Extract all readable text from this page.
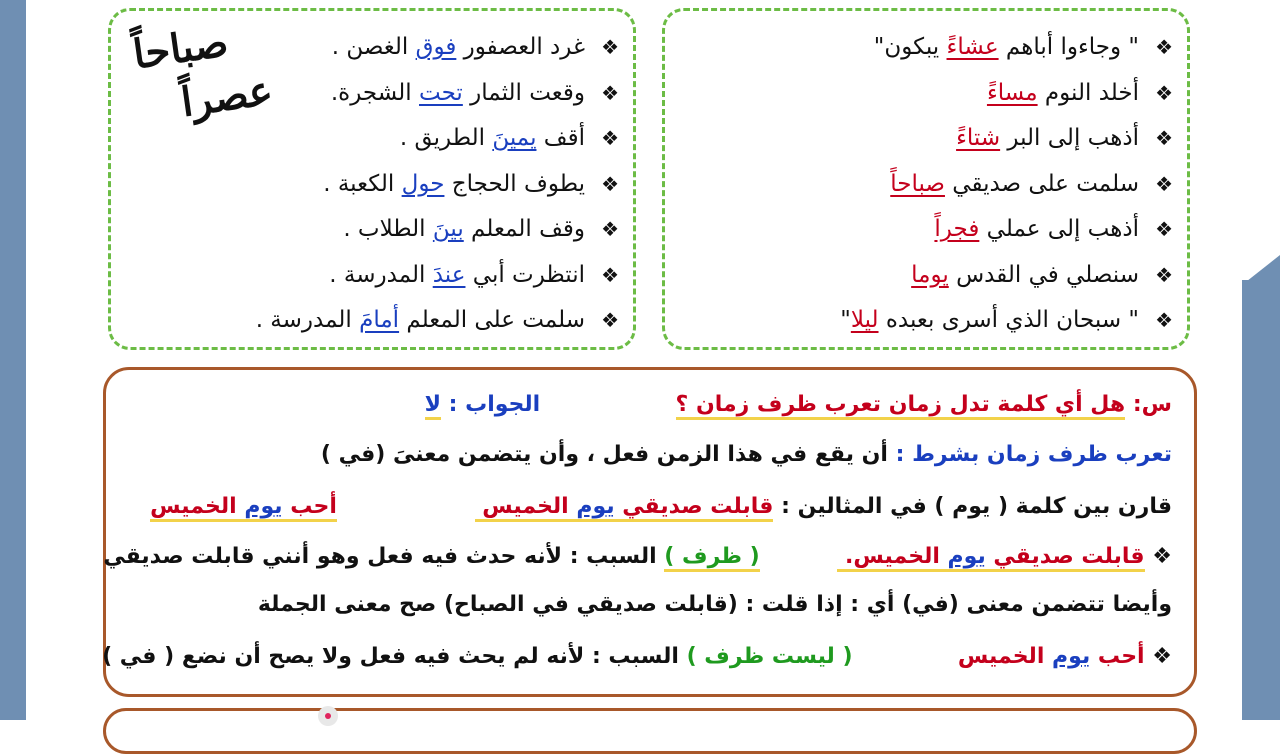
❖" وجاءوا أباهم عشاءً يبكون"
❖أخلد النوم مساءً
❖أذهب إلى البر شتاءً
❖سلمت على صديقي صباحاً
❖أذهب إلى عملي فجراً
❖سنصلي في القدس يوما
❖" سبحان الذي أسرى بعبده ليلا"
❖غرد العصفور فوق الغصن .
❖وقعت الثمار تحت الشجرة.
❖أقف يمينَ الطريق .
❖يطوف الحجاج حول الكعبة .
❖وقف المعلم بينَ الطلاب .
❖انتظرت أبي عندَ المدرسة .
❖سلمت على المعلم أمامَ المدرسة .
صباحاً
عصراً
س: هل أي كلمة تدل زمان تعرب ظرف زمان ؟  الجواب : لا
تعرب ظرف زمان بشرط : أن يقع في هذا الزمن فعل ، وأن يتضمن معنىَ (في )
قارن بين كلمة ( يوم ) في المثالين : قابلت صديقي يوم الخميس  أحب يوم الخميس
❖ قابلت صديقي يوم الخميس.  ( ظرف ) السبب : لأنه حدث فيه فعل وهو أنني قابلت صديقي
وأيضا تتضمن معنى (في) أي : إذا قلت : (قابلت صديقي في الصباح) صح معنى الجملة
❖ أحب يوم الخميس  ( ليست ظرف ) السبب : لأنه لم يحث فيه فعل ولا يصح أن نضع ( في )
